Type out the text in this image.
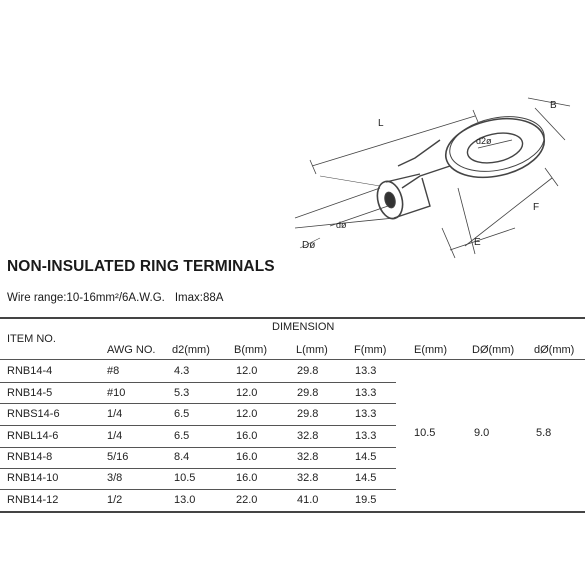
L
B
d2ø
dø
Dø	E
F
NON-INSULATED RING TERMINALS
Wire range:10-16mm²/6A.W.G. Imax:88A
ITEM NO.
DIMENSION
AWG NO. d2(mm) B(mm)	L(mm) F(mm)	E(mm) DØ(mm) dØ(mm)
RNB14-4	#8	4.3	12.0	29.8	13.3
RNB14-5	#10	5.3	12.0	29.8	13.3
RNBS14-6	1/4	6.5	12.0	29.8	13.3
RNBL14-6	1/4	6.5	16.0	32.8	13.3
RNB14-8	5/16	8.4	16.0	32.8	14.5
RNB14-10	3/8	10.5	16.0	32.8	14.5
RNB14-12	1/2	13.0	22.0	41.0	19.5
10.5	9.0	5.8
